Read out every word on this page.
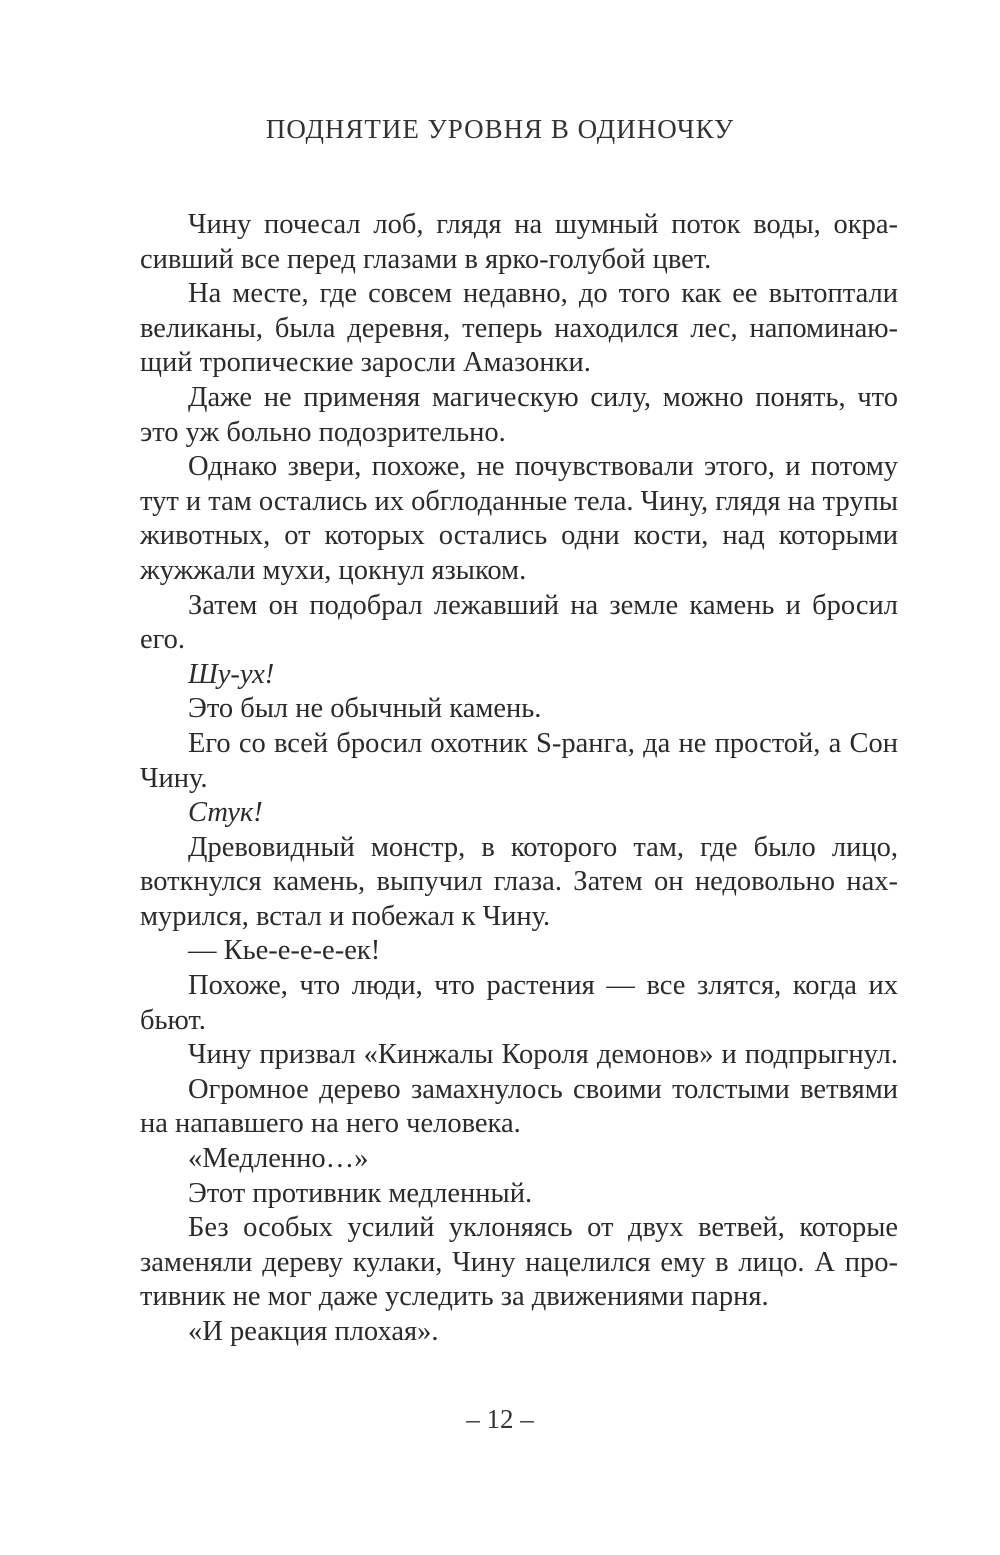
ПОДНЯТИЕ УРОВНЯ В ОДИНОЧКУ
Чину почесал лоб, глядя на шумный поток воды, окра-
сивший все перед глазами в ярко-голубой цвет.
На месте, где совсем недавно, до того как ее вытоптали
великаны, была деревня, теперь находился лес, напоминаю-
щий тропические заросли Амазонки.
Даже не применяя магическую силу, можно понять, что
это уж больно подозрительно.
Однако звери, похоже, не почувствовали этого, и потому
тут и там остались их обглоданные тела. Чину, глядя на трупы
животных, от которых остались одни кости, над которыми
жужжали мухи, цокнул языком.
Затем он подобрал лежавший на земле камень и бросил
его.
Шу-ух!
Это был не обычный камень.
Его со всей бросил охотник S-ранга, да не простой, а Сон
Чину.
Стук!
Древовидный монстр, в которого там, где было лицо,
воткнулся камень, выпучил глаза. Затем он недовольно нах-
мурился, встал и побежал к Чину.
— Кье-е-е-е-ек!
Похоже, что люди, что растения — все злятся, когда их
бьют.
Чину призвал «Кинжалы Короля демонов» и подпрыгнул.
Огромное дерево замахнулось своими толстыми ветвями
на напавшего на него человека.
«Медленно…»
Этот противник медленный.
Без особых усилий уклоняясь от двух ветвей, которые
заменяли дереву кулаки, Чину нацелился ему в лицо. А про-
тивник не мог даже уследить за движениями парня.
«И реакция плохая».
– 12 –
